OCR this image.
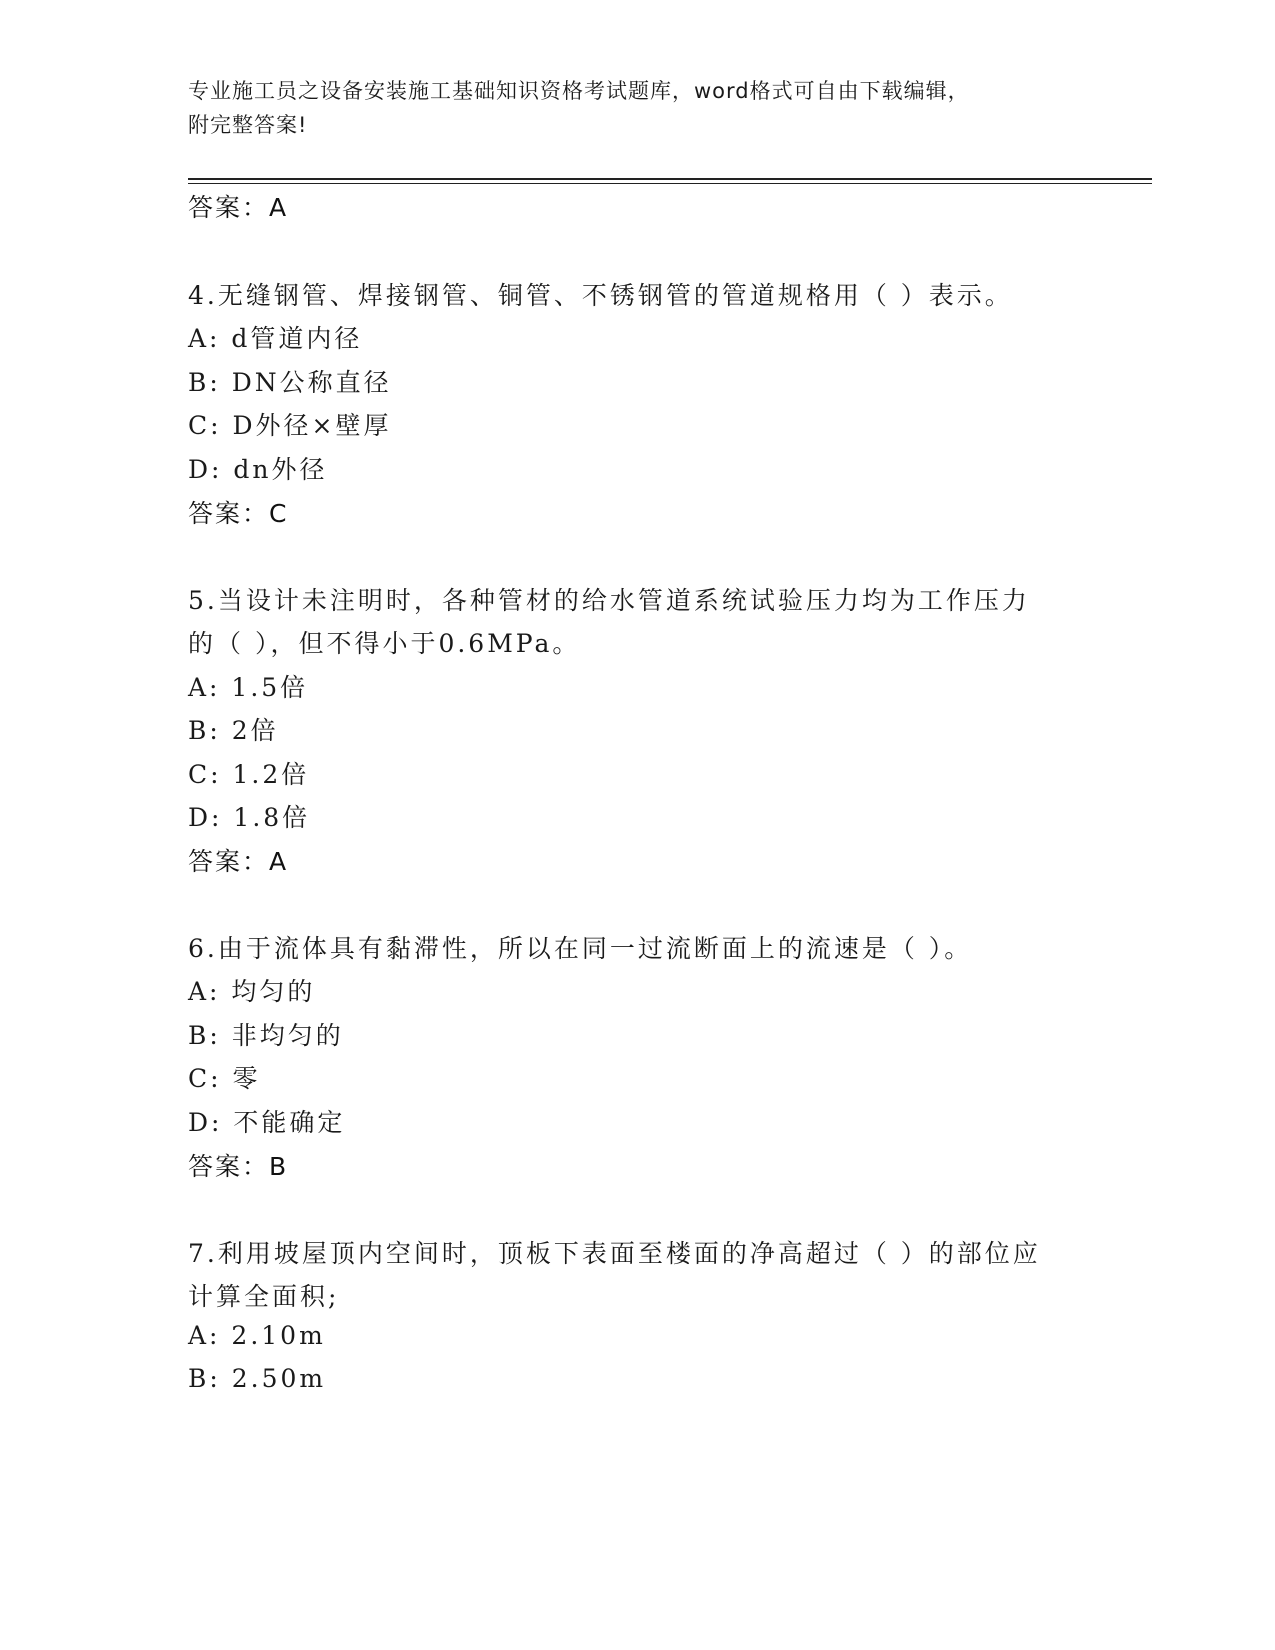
专业施工员之设备安装施工基础知识资格考试题库，word格式可自由下载编辑，
附完整答案!
答案：A
4.无缝钢管、焊接钢管、铜管、不锈钢管的管道规格用（ ）表示。
A: d管道内径
B: DN公称直径
C: D外径×壁厚
D: dn外径
答案：C
5.当设计未注明时，各种管材的给水管道系统试验压力均为工作压力
的（ ），但不得小于0.6MPa。
A: 1.5倍
B: 2倍
C: 1.2倍
D: 1.8倍
答案：A
6.由于流体具有黏滞性，所以在同一过流断面上的流速是（ ）。
A: 均匀的
B: 非均匀的
C: 零
D: 不能确定
答案：B
7.利用坡屋顶内空间时，顶板下表面至楼面的净高超过（ ）的部位应
计算全面积;
A: 2.10m
B: 2.50m
